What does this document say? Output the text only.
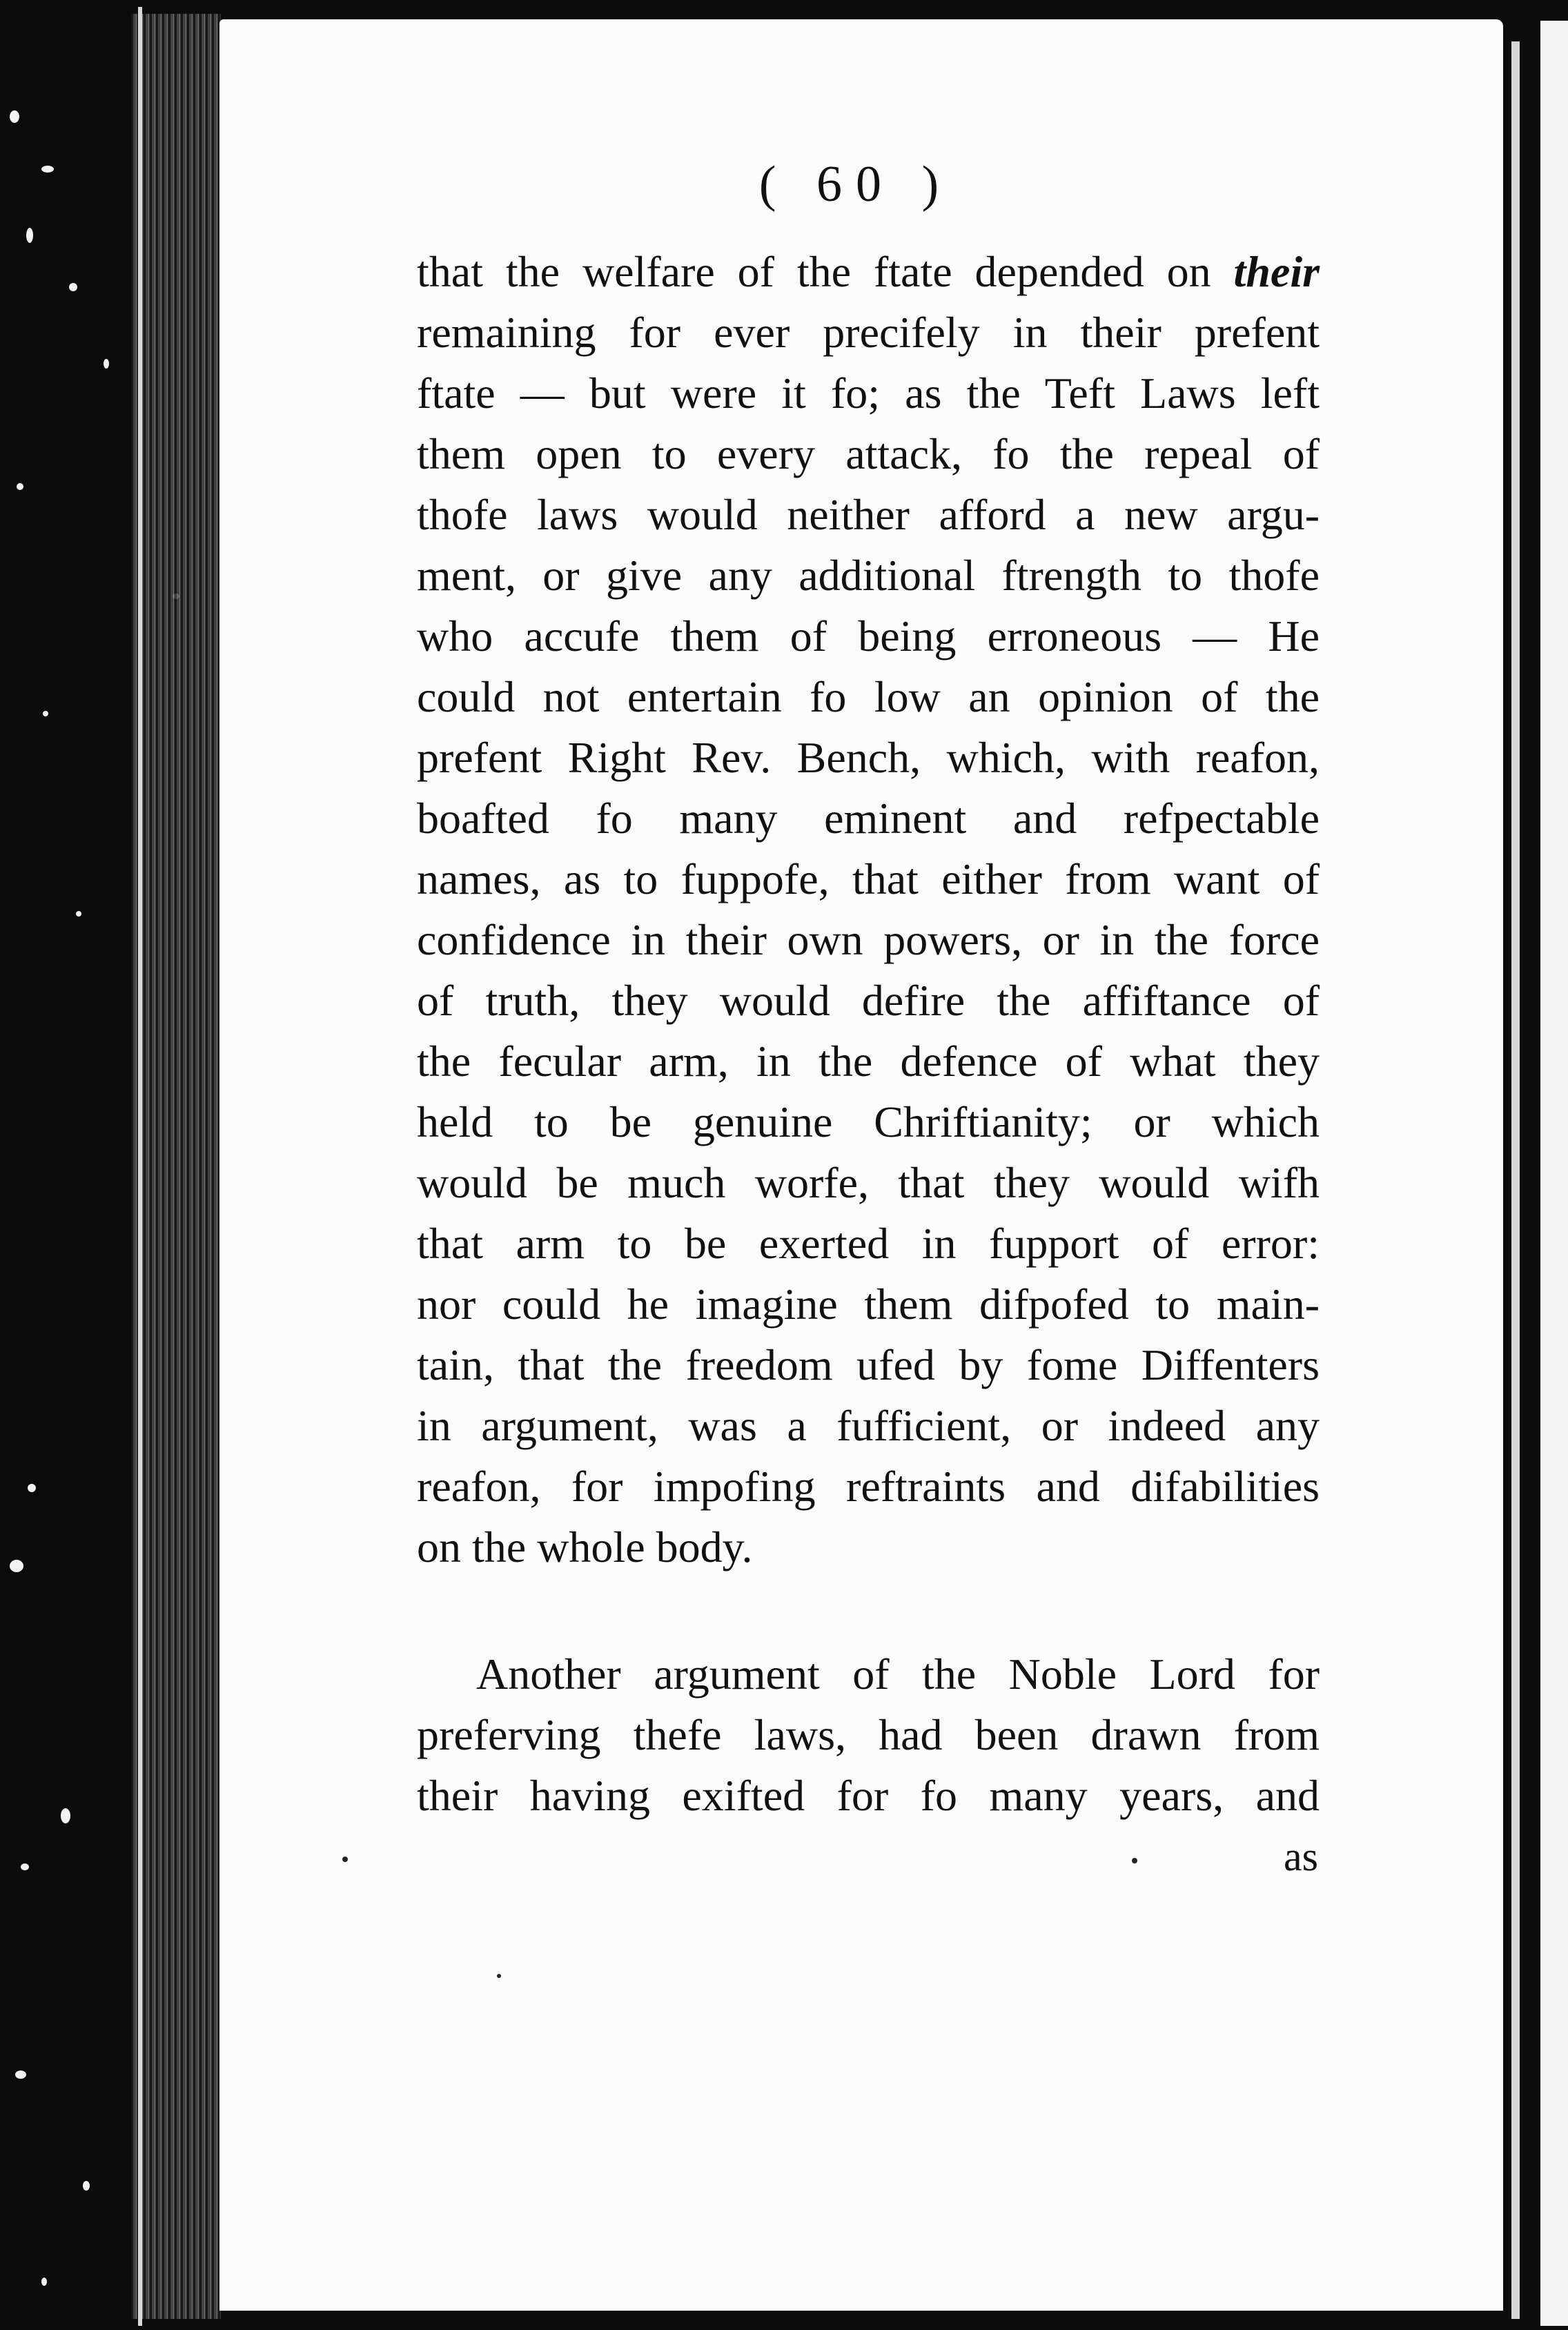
( 60 )
that the welfare of the ftate depended on their
remaining for ever precifely in their prefent
ftate — but were it fo; as the Teft Laws left
them open to every attack, fo the repeal of
thofe laws would neither afford a new argu-
ment, or give any additional ftrength to thofe
who accufe them of being erroneous — He
could not entertain fo low an opinion of the
prefent Right Rev. Bench, which, with reafon,
boafted fo many eminent and refpectable
names, as to fuppofe, that either from want of
confidence in their own powers, or in the force
of truth, they would defire the affiftance of
the fecular arm, in the defence of what they
held to be genuine Chriftianity; or which
would be much worfe, that they would wifh
that arm to be exerted in fupport of error:
nor could he imagine them difpofed to main-
tain, that the freedom ufed by fome Diffenters
in argument, was a fufficient, or indeed any
reafon, for impofing reftraints and difabilities
on the whole body.
Another argument of the Noble Lord for
preferving thefe laws, had been drawn from
their having exifted for fo many years, and
as
